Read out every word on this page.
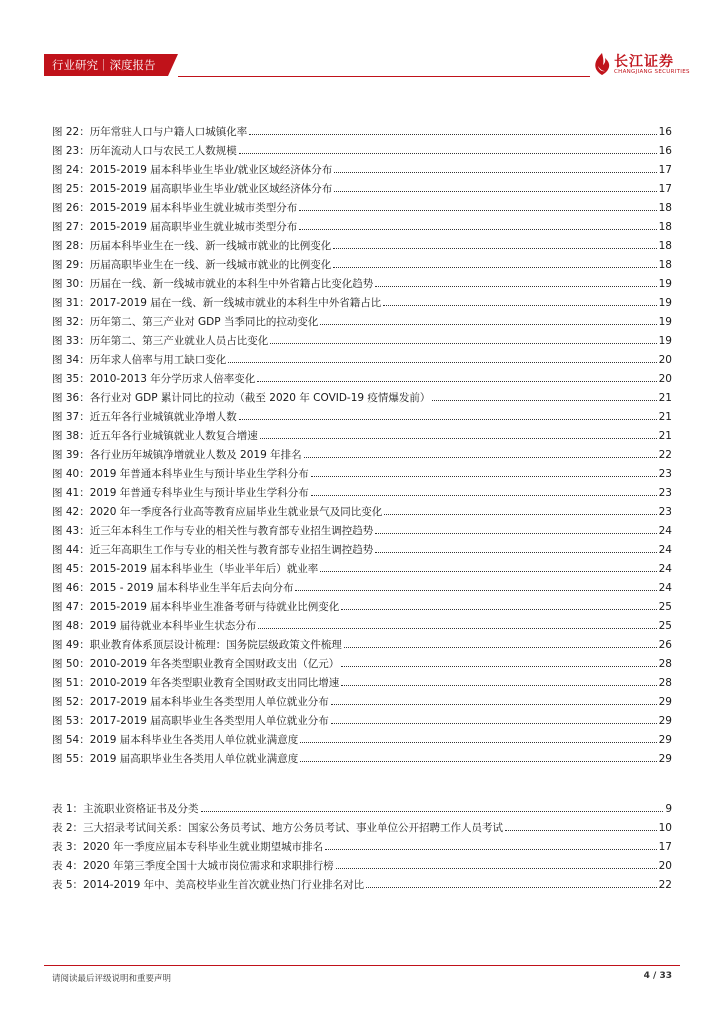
行业研究｜深度报告	长江证券
CHANGJIANG SECURITIES
图 22：历年常驻人口与户籍人口城镇化率	16
图 23：历年流动人口与农民工人数规模	16
图 24：2015-2019 届本科毕业生毕业/就业区域经济体分布	17
图 25：2015-2019 届高职毕业生毕业/就业区域经济体分布	17
图 26：2015-2019 届本科毕业生就业城市类型分布	18
图 27：2015-2019 届高职毕业生就业城市类型分布	18
图 28：历届本科毕业生在一线、新一线城市就业的比例变化	18
图 29：历届高职毕业生在一线、新一线城市就业的比例变化	18
图 30：历届在一线、新一线城市就业的本科生中外省籍占比变化趋势	19
图 31：2017-2019 届在一线、新一线城市就业的本科生中外省籍占比	19
图 32：历年第二、第三产业对 GDP 当季同比的拉动变化	19
图 33：历年第二、第三产业就业人员占比变化	19
图 34：历年求人倍率与用工缺口变化	20
图 35：2010-2013 年分学历求人倍率变化	20
图 36：各行业对 GDP 累计同比的拉动（截至 2020 年 COVID-19 疫情爆发前）	21
图 37：近五年各行业城镇就业净增人数	21
图 38：近五年各行业城镇就业人数复合增速	21
图 39：各行业历年城镇净增就业人数及 2019 年排名	22
图 40：2019 年普通本科毕业生与预计毕业生学科分布	23
图 41：2019 年普通专科毕业生与预计毕业生学科分布	23
图 42：2020 年一季度各行业高等教育应届毕业生就业景气及同比变化	23
图 43：近三年本科生工作与专业的相关性与教育部专业招生调控趋势	24
图 44：近三年高职生工作与专业的相关性与教育部专业招生调控趋势	24
图 45：2015-2019 届本科毕业生（毕业半年后）就业率	24
图 46：2015 - 2019 届本科毕业生半年后去向分布	24
图 47：2015-2019 届本科毕业生准备考研与待就业比例变化	25
图 48：2019 届待就业本科毕业生状态分布	25
图 49：职业教育体系顶层设计梳理：国务院层级政策文件梳理	26
图 50：2010-2019 年各类型职业教育全国财政支出（亿元）	28
图 51：2010-2019 年各类型职业教育全国财政支出同比增速	28
图 52：2017-2019 届本科毕业生各类型用人单位就业分布	29
图 53：2017-2019 届高职毕业生各类型用人单位就业分布	29
图 54：2019 届本科毕业生各类用人单位就业满意度	29
图 55：2019 届高职毕业生各类用人单位就业满意度	29
表 1：主流职业资格证书及分类	9
表 2：三大招录考试间关系：国家公务员考试、地方公务员考试、事业单位公开招聘工作人员考试	10
表 3：2020 年一季度应届本专科毕业生就业期望城市排名	17
表 4：2020 年第三季度全国十大城市岗位需求和求职排行榜	20
表 5：2014-2019 年中、美高校毕业生首次就业热门行业排名对比	22
请阅读最后评级说明和重要声明	4 / 33
